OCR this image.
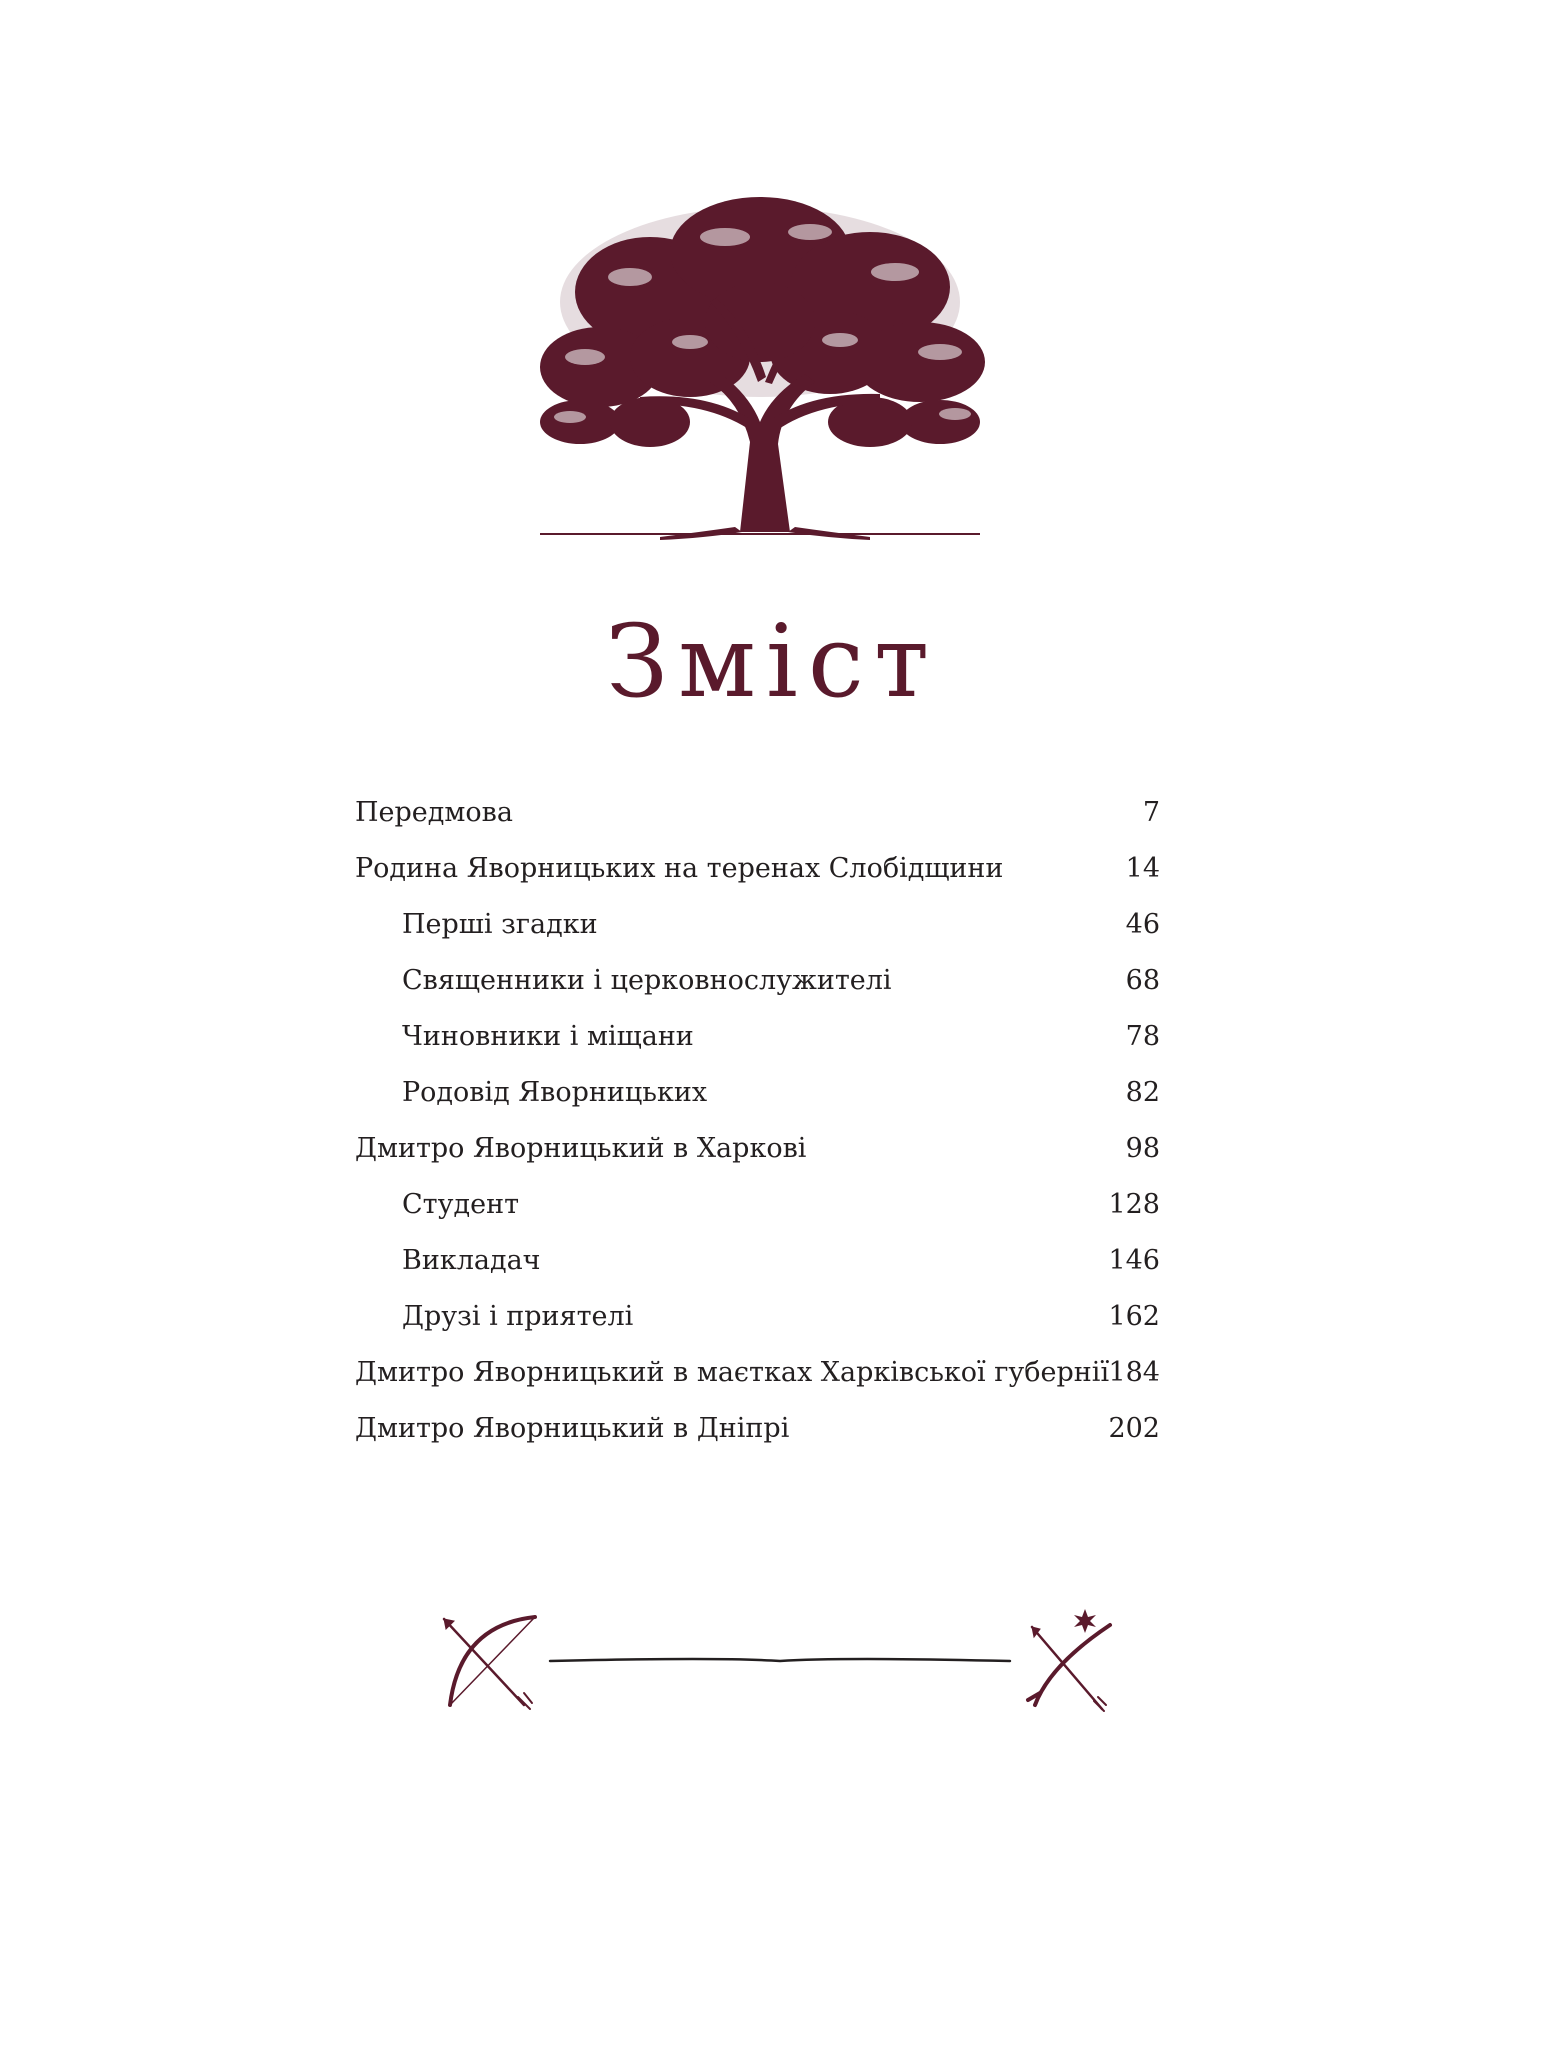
Зміст
Передмова	7
Родина Яворницьких на теренах Слобідщини	14
Перші згадки	46
Священники і церковнослужителі	68
Чиновники і міщани	78
Родовід Яворницьких	82
Дмитро Яворницький в Харкові	98
Студент	128
Викладач	146
Друзі і приятелі	162
Дмитро Яворницький в маєтках Харківської губернії 184
Дмитро Яворницький в Дніпрі	202
